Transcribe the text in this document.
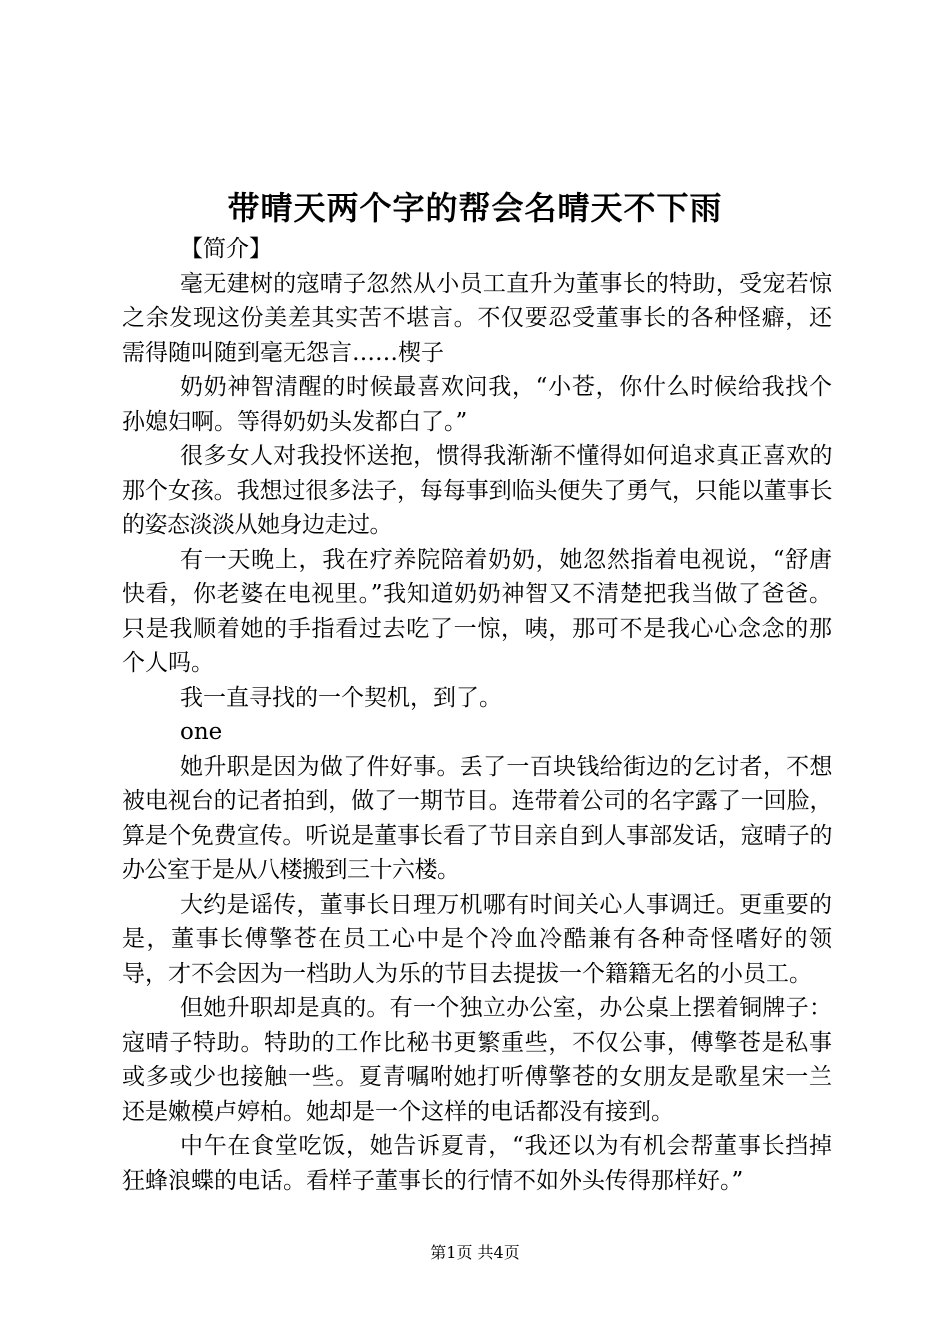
带晴天两个字的帮会名晴天不下雨

【简介】

毫无建树的寇晴子忽然从小员工直升为董事长的特助，受宠若惊之余发现这份美差其实苦不堪言。不仅要忍受董事长的各种怪癖，还需得随叫随到毫无怨言……楔子

奶奶神智清醒的时候最喜欢问我，“小苍，你什么时候给我找个孙媳妇啊。等得奶奶头发都白了。”

很多女人对我投怀送抱，惯得我渐渐不懂得如何追求真正喜欢的那个女孩。我想过很多法子，每每事到临头便失了勇气，只能以董事长的姿态淡淡从她身边走过。

有一天晚上，我在疗养院陪着奶奶，她忽然指着电视说，“舒唐快看，你老婆在电视里。”我知道奶奶神智又不清楚把我当做了爸爸。只是我顺着她的手指看过去吃了一惊，咦，那可不是我心心念念的那个人吗。

我一直寻找的一个契机，到了。

one

她升职是因为做了件好事。丢了一百块钱给街边的乞讨者，不想被电视台的记者拍到，做了一期节目。连带着公司的名字露了一回脸，算是个免费宣传。听说是董事长看了节目亲自到人事部发话，寇晴子的办公室于是从八楼搬到三十六楼。

大约是谣传，董事长日理万机哪有时间关心人事调迁。更重要的是，董事长傅擎苍在员工心中是个冷血冷酷兼有各种奇怪嗜好的领导，才不会因为一档助人为乐的节目去提拔一个籍籍无名的小员工。

但她升职却是真的。有一个独立办公室，办公桌上摆着铜牌子：寇晴子特助。特助的工作比秘书更繁重些，不仅公事，傅擎苍是私事或多或少也接触一些。夏青嘱咐她打听傅擎苍的女朋友是歌星宋一兰还是嫩模卢婷柏。她却是一个这样的电话都没有接到。

中午在食堂吃饭，她告诉夏青，“我还以为有机会帮董事长挡掉狂蜂浪蝶的电话。看样子董事长的行情不如外头传得那样好。”

第1页 共4页
